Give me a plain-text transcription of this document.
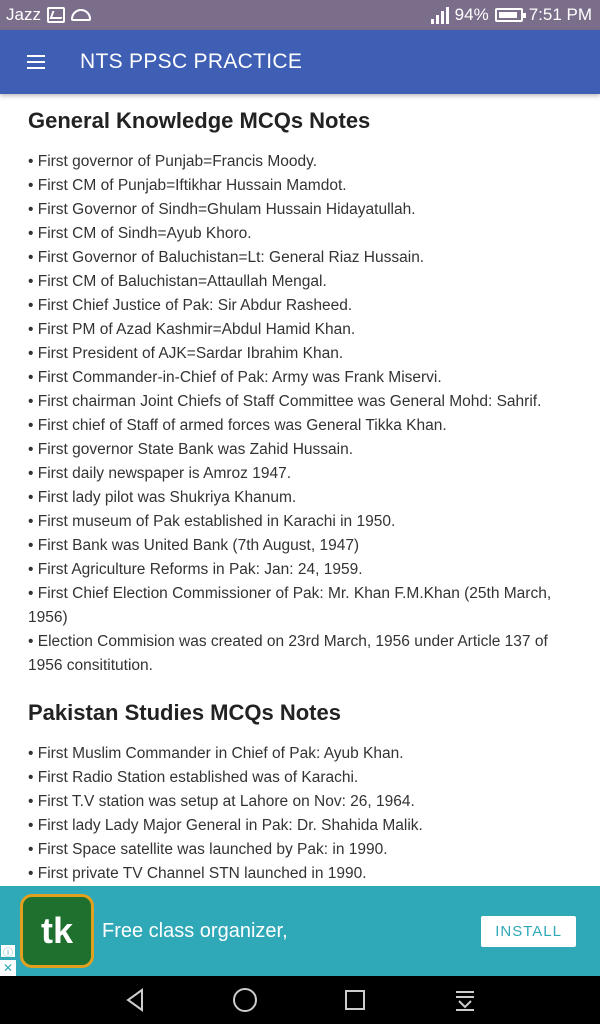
Jazz	94% 7:51 PM
NTS PPSC PRACTICE
General Knowledge MCQs Notes
• First governor of Punjab=Francis Moody.
• First CM of Punjab=Iftikhar Hussain Mamdot.
• First Governor of Sindh=Ghulam Hussain Hidayatullah.
• First CM of Sindh=Ayub Khoro.
• First Governor of Baluchistan=Lt: General Riaz Hussain.
• First CM of Baluchistan=Attaullah Mengal.
• First Chief Justice of Pak: Sir Abdur Rasheed.
• First PM of Azad Kashmir=Abdul Hamid Khan.
• First President of AJK=Sardar Ibrahim Khan.
• First Commander-in-Chief of Pak: Army was Frank Miservi.
• First chairman Joint Chiefs of Staff Committee was General Mohd: Sahrif.
• First chief of Staff of armed forces was General Tikka Khan.
• First governor State Bank was Zahid Hussain.
• First daily newspaper is Amroz 1947.
• First lady pilot was Shukriya Khanum.
• First museum of Pak established in Karachi in 1950.
• First Bank was United Bank (7th August, 1947)
• First Agriculture Reforms in Pak: Jan: 24, 1959.
• First Chief Election Commissioner of Pak: Mr. Khan F.M.Khan (25th March, 1956)
• Election Commision was created on 23rd March, 1956 under Article 137 of 1956 consititution.
Pakistan Studies MCQs Notes
• First Muslim Commander in Chief of Pak: Ayub Khan.
• First Radio Station established was of Karachi.
• First T.V station was setup at Lahore on Nov: 26, 1964.
• First lady Lady Major General in Pak: Dr. Shahida Malik.
• First Space satellite was launched by Pak: in 1990.
• First private TV Channel STN launched in 1990.
tk	Free class organizer,	INSTALL
ⓘ
✕
